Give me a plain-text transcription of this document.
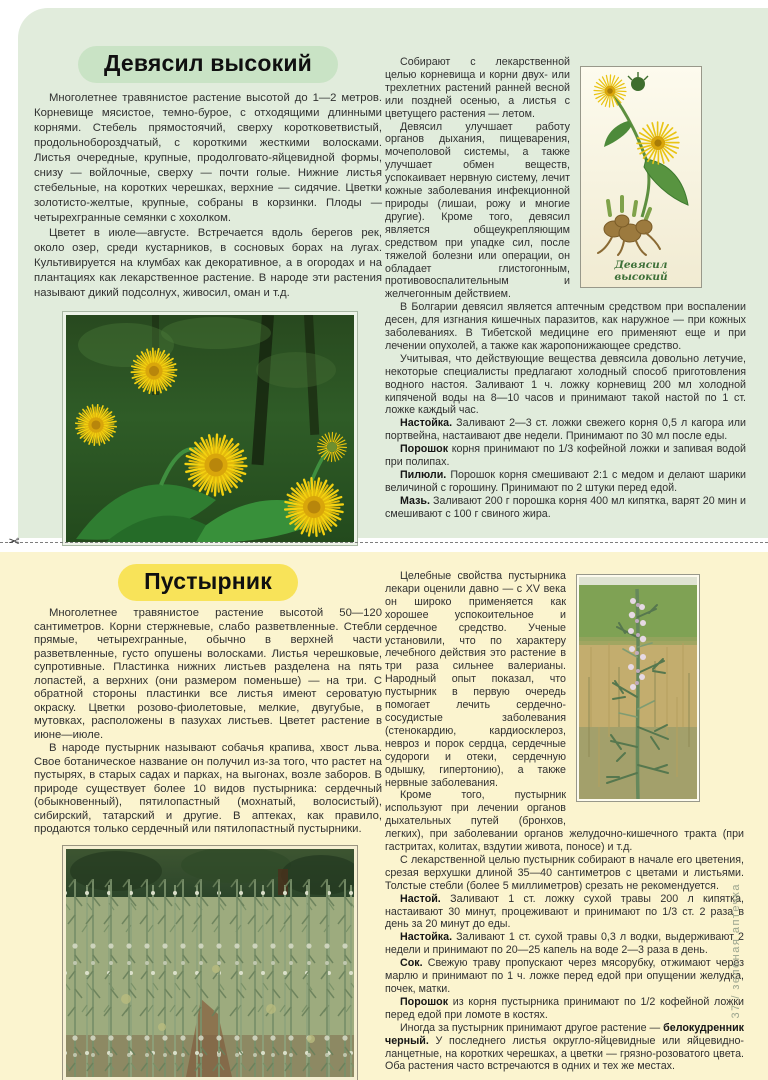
Девясил высокий

Многолетнее травянистое растение высотой до 1—2 метров. Корневище мясистое, темно-бурое, с отходящими длинными корнями. Стебель прямостоячий, сверху коротковетвистый, продольнобороздчатый, с короткими жесткими волосками. Листья очередные, крупные, продолговато-яйцевидной формы, снизу — войлочные, сверху — почти голые. Нижние листья стебельные, на коротких черешках, верхние — сидячие. Цветки золотисто-желтые, крупные, собраны в корзинки. Плоды — четырехгранные семянки с хохолком.

Цветет в июле—августе. Встречается вдоль берегов рек, около озер, среди кустарников, в сосновых борах на лугах. Культивируется на клумбах как декоративное, а в огородах и на плантациях как лекарственное растение. В народе эти растения называют дикий подсолнух, живосил, оман и т.д.

Девясил высокий

Собирают с лекарственной целью корневища и корни двух- или трехлетних растений ранней весной или поздней осенью, а листья с цветущего растения — летом.

Девясил улучшает работу органов дыхания, пищеварения, мочеполовой системы, а также улучшает обмен веществ, успокаивает нервную систему, лечит кожные заболевания инфекционной природы (лишаи, рожу и многие другие). Кроме того, девясил является общеукрепляющим средством при упадке сил, после тяжелой болезни или операции, он обладает глистогонным, противовоспалительным и желчегонным действием.

В Болгарии девясил является аптечным средством при воспалении десен, для изгнания кишечных паразитов, как наружное — при кожных заболеваниях. В Тибетской медицине его применяют еще и при лечении опухолей, а также как жаропонижающее средство.

Учитывая, что действующие вещества девясила довольно летучие, некоторые специалисты предлагают холодный способ приготовления водного настоя. Заливают 1 ч. ложку корневищ 200 мл холодной кипяченой воды на 8—10 часов и принимают такой настой по 1 ст. ложке каждый час.

Настойка. Заливают 2—3 ст. ложки свежего корня 0,5 л кагора или портвейна, настаивают две недели. Принимают по 30 мл после еды.

Порошок корня принимают по 1/3 кофейной ложки и запивая водой при полипах.

Пилюли. Порошок корня смешивают 2:1 с медом и делают шарики величиной с горошину. Принимают по 2 штуки перед едой.

Мазь. Заливают 200 г порошка корня 400 мл кипятка, варят 20 мин и смешивают с 100 г свиного жира.

✂
Пустырник

Многолетнее травянистое растение высотой 50—120 сантиметров. Корни стержневые, слабо разветвленные. Стебли прямые, четырехгранные, обычно в верхней части разветвленные, густо опушены волосками. Листья черешковые, супротивные. Пластинка нижних листьев разделена на пять лопастей, а верхних (они размером поменьше) — на три. С обратной стороны пластинки все листья имеют сероватую окраску. Цветки розово-фиолетовые, мелкие, двугубые, в мутовках, расположены в пазухах листьев. Цветет растение в июне—июле.

В народе пустырник называют собачья крапива, хвост льва. Свое ботаническое название он получил из-за того, что растет на пустырях, в старых садах и парках, на выгонах, возле заборов. В природе существует более 10 видов пустырника: сердечный (обыкновенный), пятилопастный (мохнатый, волосистый), сибирский, татарский и другие. В аптеках, как правило, продаются только сердечный или пятилопастный пустырники.

Целебные свойства пустырника лекари оценили давно — с XV века он широко применяется как хорошее успокоительное и сердечное средство. Ученые установили, что по характеру лечебного действия это растение в три раза сильнее валерианы. Народный опыт показал, что пустырник в первую очередь помогает лечить сердечно-сосудистые заболевания (стенокардию, кардиосклероз, невроз и порок сердца, сердечные судороги и отеки, сердечную одышку, гипертонию), а также нервные заболевания.

Кроме того, пустырник используют при лечении органов дыхательных путей (бронхов, легких), при заболевании органов желудочно-кишечного тракта (при гастритах, колитах, вздутии живота, поносе) и т.д.

С лекарственной целью пустырник собирают в начале его цветения, срезая верхушки длиной 35—40 сантиметров с цветами и листьями. Толстые стебли (более 5 миллиметров) срезать не рекомендуется.

Настой. Заливают 1 ст. ложку сухой травы 200 л кипятка, настаивают 30 минут, процеживают и принимают по 1/3 ст. 2 раза в день за 20 минут до еды.

Настойка. Заливают 1 ст. сухой травы 0,3 л водки, выдерживают 2 недели и принимают по 20—25 капель на воде 2—3 раза в день.

Сок. Свежую траву пропускают через мясорубку, отжимают через марлю и принимают по 1 ч. ложке перед едой при опущении желудка, почек, матки.

Порошок из корня пустырника принимают по 1/2 кофейной ложки перед едой при ломоте в костях.

Иногда за пустырник принимают другое растение — белокудренник черный. У последнего листья округло-яйцевидные или яйцевидно-ланцетные, на коротких черешках, а цветки — грязно-розоватого цвета. Оба растения часто встречаются в одних и тех же местах.

37 / зеленая аптечка
